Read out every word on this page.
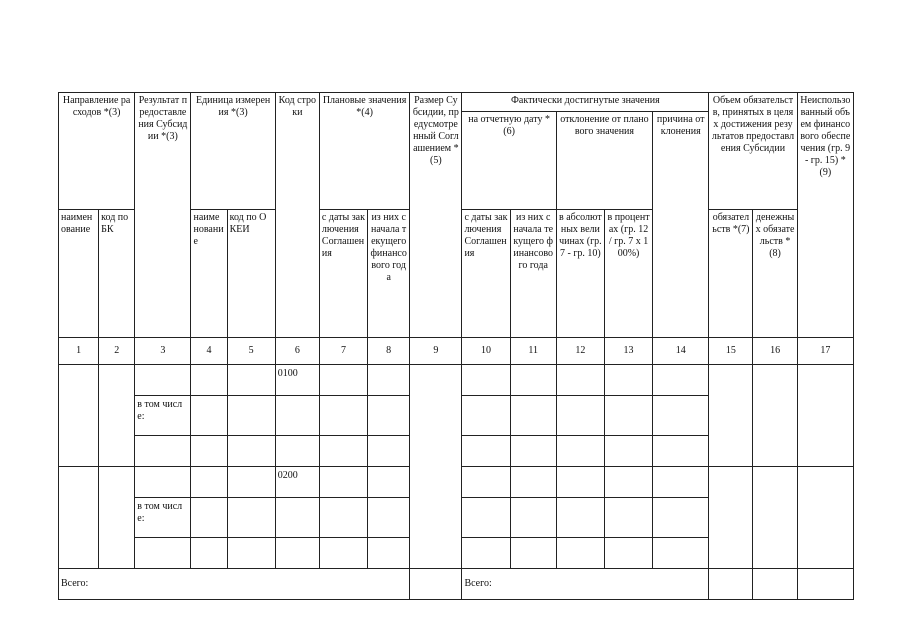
Направление расходов *(3)		Результат предоставления Субсидии *(3)	Единица измерения *(3)		Код строки	Плановые значения *(4)		Размер Субсидии, предусмотренный Соглашением *(5)	Фактически достигнутые значения					Объем обязательств, принятых в целях достижения результатов предоставления Субсидии		Неиспользованный объем финансового обеспечения (гр. 9 - гр. 15) *(9)
									на отчетную дату *(6)		отклонение от планового значения		причина отклонения			
наименование	код по БК		наименование	код по ОКЕИ		с даты заключения Соглашения	из них с начала текущего финансового года		с даты заключения Соглашения	из них с начала текущего финансового года	в абсолютных величинах (гр. 7 - гр. 10)	в процентах (гр. 12 / гр. 7 x 100%)		обязательств *(7)	денежных обязательств *(8)	
1	2	3	4	5	6	7	8	9	10	11	12	13	14	15	16	17
					0100											
		в том числе:														

					0200											
		в том числе:														

Всего:									Всего:							
